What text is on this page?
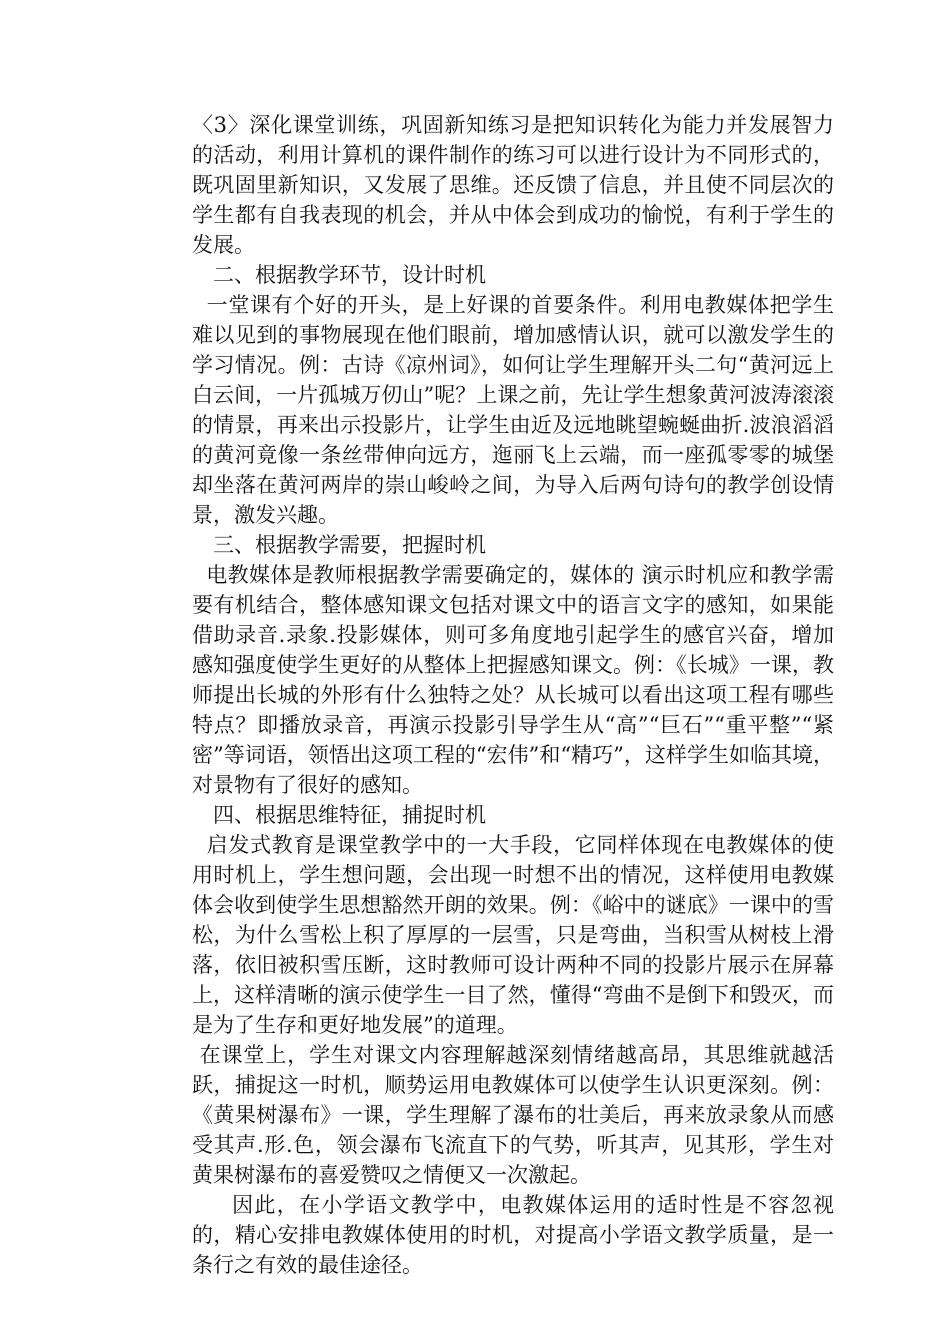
〈3〉深化课堂训练，巩固新知练习是把知识转化为能力并发展智力的活动，利用计算机的课件制作的练习可以进行设计为不同形式的，既巩固里新知识，又发展了思维。还反馈了信息，并且使不同层次的学生都有自我表现的机会，并从中体会到成功的愉悦，有利于学生的发展。

二、根据教学环节，设计时机

一堂课有个好的开头，是上好课的首要条件。利用电教媒体把学生难以见到的事物展现在他们眼前，增加感情认识，就可以激发学生的学习情况。例：古诗《凉州词》，如何让学生理解开头二句“黄河远上白云间，一片孤城万仞山”呢？上课之前，先让学生想象黄河波涛滚滚的情景，再来出示投影片，让学生由近及远地眺望蜿蜒曲折.波浪滔滔的黄河竟像一条丝带伸向远方，迤丽飞上云端，而一座孤零零的城堡却坐落在黄河两岸的崇山峻岭之间，为导入后两句诗句的教学创设情景，激发兴趣。

三、根据教学需要，把握时机

电教媒体是教师根据教学需要确定的，媒体的 演示时机应和教学需要有机结合，整体感知课文包括对课文中的语言文字的感知，如果能借助录音.录象.投影媒体，则可多角度地引起学生的感官兴奋，增加感知强度使学生更好的从整体上把握感知课文。例：《长城》一课，教师提出长城的外形有什么独特之处？从长城可以看出这项工程有哪些特点？即播放录音，再演示投影引导学生从“高”“巨石”“重平整”“紧密”等词语，领悟出这项工程的“宏伟”和“精巧”，这样学生如临其境，对景物有了很好的感知。

四、根据思维特征，捕捉时机

启发式教育是课堂教学中的一大手段，它同样体现在电教媒体的使用时机上，学生想问题，会出现一时想不出的情况，这样使用电教媒体会收到使学生思想豁然开朗的效果。例：《峪中的谜底》一课中的雪松，为什么雪松上积了厚厚的一层雪，只是弯曲，当积雪从树枝上滑落，依旧被积雪压断，这时教师可设计两种不同的投影片展示在屏幕上，这样清晰的演示使学生一目了然，懂得“弯曲不是倒下和毁灭，而是为了生存和更好地发展”的道理。

在课堂上，学生对课文内容理解越深刻情绪越高昂，其思维就越活跃，捕捉这一时机，顺势运用电教媒体可以使学生认识更深刻。例：《黄果树瀑布》一课，学生理解了瀑布的壮美后，再来放录象从而感受其声.形.色，领会瀑布飞流直下的气势，听其声，见其形，学生对黄果树瀑布的喜爱赞叹之情便又一次激起。

因此，在小学语文教学中，电教媒体运用的适时性是不容忽视的，精心安排电教媒体使用的时机，对提高小学语文教学质量，是一条行之有效的最佳途径。
